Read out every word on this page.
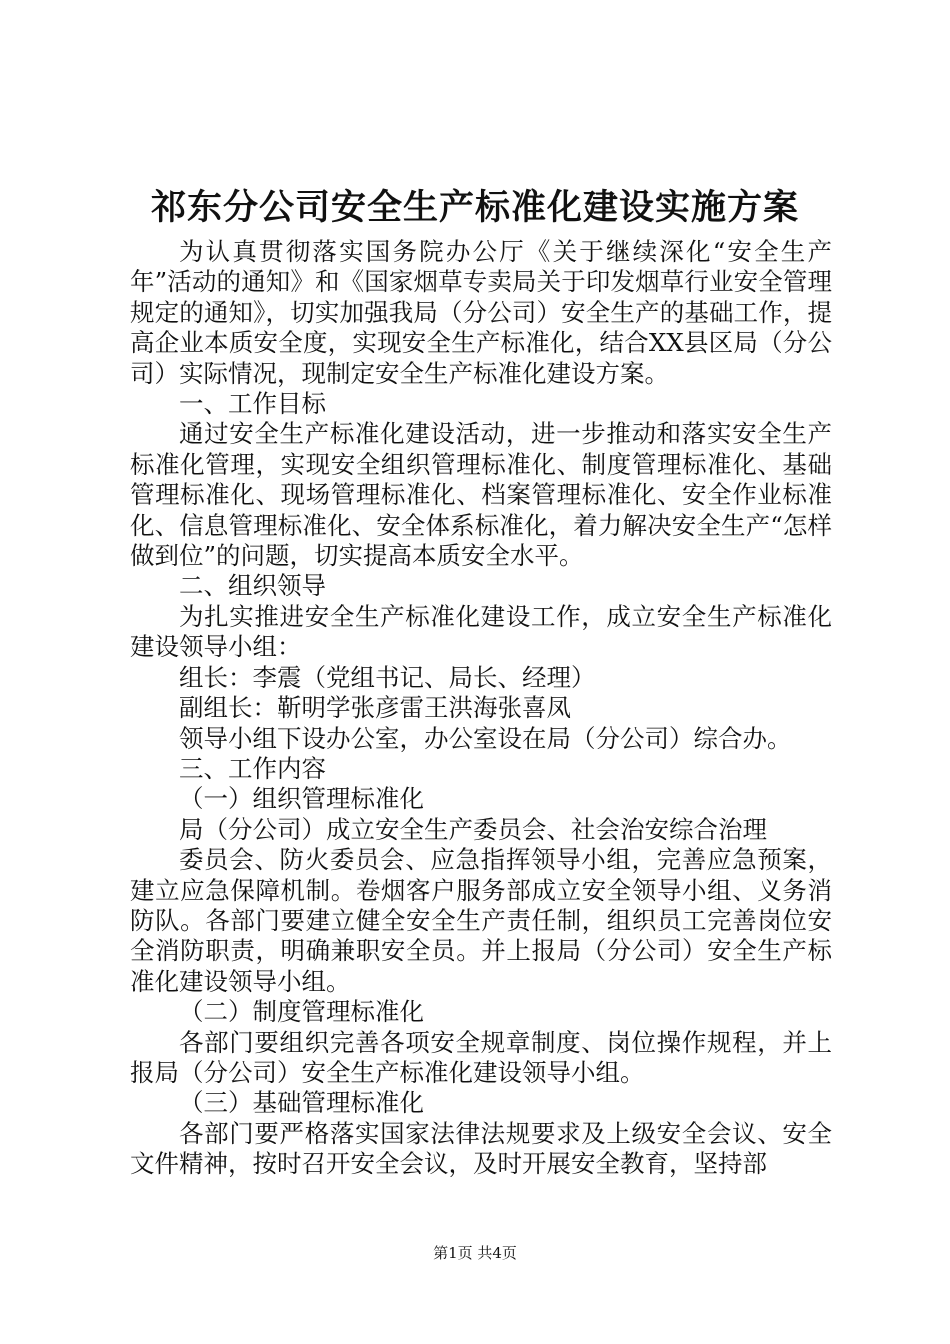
祁东分公司安全生产标准化建设实施方案

为认真贯彻落实国务院办公厅《关于继续深化“安全生产年”活动的通知》和《国家烟草专卖局关于印发烟草行业安全管理规定的通知》，切实加强我局（分公司）安全生产的基础工作，提高企业本质安全度，实现安全生产标准化，结合XX县区局（分公司）实际情况，现制定安全生产标准化建设方案。

一、工作目标

通过安全生产标准化建设活动，进一步推动和落实安全生产标准化管理，实现安全组织管理标准化、制度管理标准化、基础管理标准化、现场管理标准化、档案管理标准化、安全作业标准化、信息管理标准化、安全体系标准化，着力解决安全生产“怎样做到位”的问题，切实提高本质安全水平。

二、组织领导

为扎实推进安全生产标准化建设工作，成立安全生产标准化建设领导小组：

组长：李震（党组书记、局长、经理）

副组长：靳明学张彦雷王洪海张喜凤

领导小组下设办公室，办公室设在局（分公司）综合办。

三、工作内容

（一）组织管理标准化

局（分公司）成立安全生产委员会、社会治安综合治理

委员会、防火委员会、应急指挥领导小组，完善应急预案，建立应急保障机制。卷烟客户服务部成立安全领导小组、义务消防队。各部门要建立健全安全生产责任制，组织员工完善岗位安全消防职责，明确兼职安全员。并上报局（分公司）安全生产标准化建设领导小组。

（二）制度管理标准化

各部门要组织完善各项安全规章制度、岗位操作规程，并上报局（分公司）安全生产标准化建设领导小组。

（三）基础管理标准化

各部门要严格落实国家法律法规要求及上级安全会议、安全文件精神，按时召开安全会议，及时开展安全教育，坚持部

第1页 共4页
